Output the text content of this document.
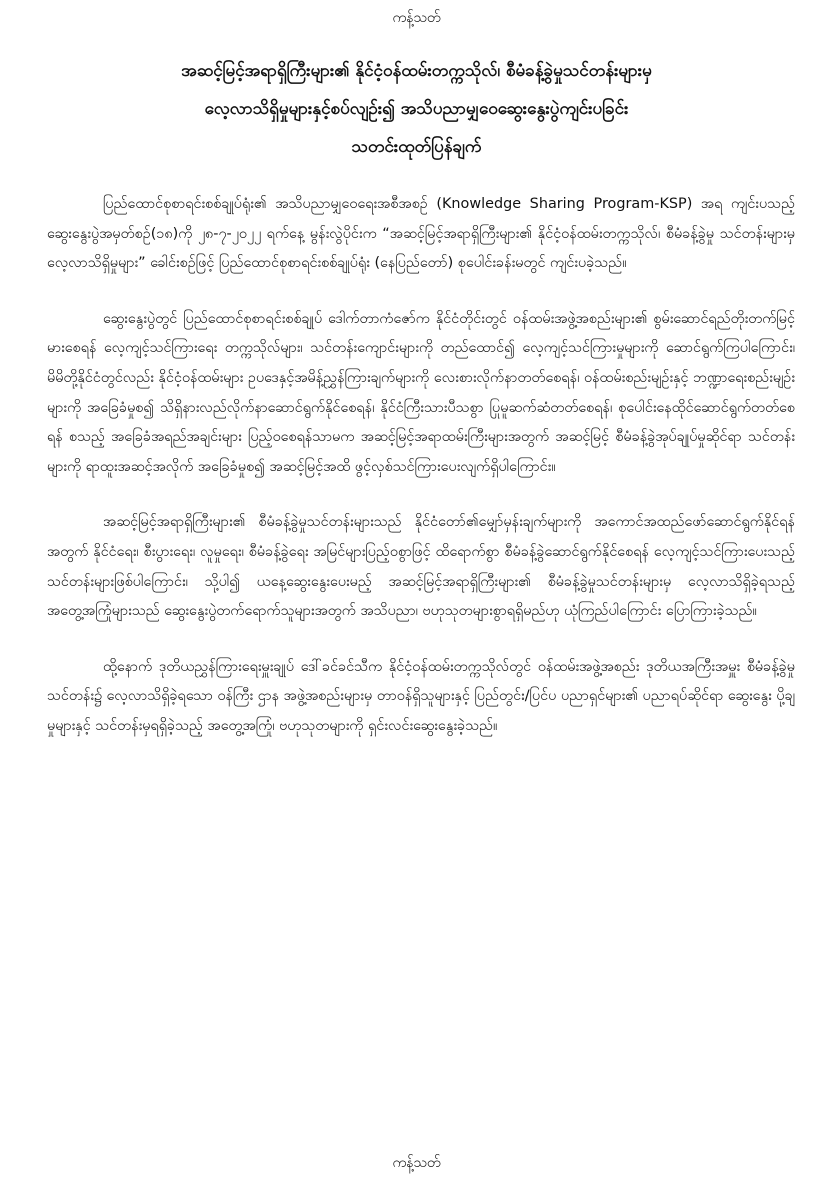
ကန့်သတ်
အဆင့်မြင့်အရာရှိကြီးများ၏ နိုင်ငံ့ဝန်ထမ်းတက္ကသိုလ်၊ စီမံခန့်ခွဲမှုသင်တန်းများမှ
လေ့လာသိရှိမှုများနှင့်စပ်လျဉ်း၍ အသိပညာမျှဝေဆွေးနွေးပွဲကျင်းပခြင်း
သတင်းထုတ်ပြန်ချက်

ပြည်ထောင်စုစာရင်းစစ်ချုပ်ရုံး၏ အသိပညာမျှဝေရေးအစီအစဉ် (Knowledge Sharing Program-KSP) အရ ကျင်းပသည့် ဆွေးနွေးပွဲအမှတ်စဉ်(၁၈)ကို ၂၈-၇-၂၀၂၂ ရက်နေ့ မွန်းလွဲပိုင်းက “အဆင့်မြင့်အရာရှိကြီးများ၏ နိုင်ငံ့ဝန်ထမ်းတက္ကသိုလ်၊ စီမံခန့်ခွဲမှု သင်တန်းများမှလေ့လာသိရှိမှုများ” ခေါင်းစဉ်ဖြင့် ပြည်ထောင်စုစာရင်းစစ်ချုပ်ရုံး (နေပြည်တော်) စုပေါင်းခန်းမတွင် ကျင်းပခဲ့သည်။

ဆွေးနွေးပွဲတွင် ပြည်ထောင်စုစာရင်းစစ်ချုပ် ဒေါက်တာကံဇော်က နိုင်ငံတိုင်းတွင် ဝန်ထမ်းအဖွဲ့အစည်းများ၏ စွမ်းဆောင်ရည်တိုးတက်မြင့်မားစေရန် လေ့ကျင့်သင်ကြားရေး တက္ကသိုလ်များ၊ သင်တန်းကျောင်းများကို တည်ထောင်၍ လေ့ကျင့်သင်ကြားမှုများကို ဆောင်ရွက်ကြပါကြောင်း၊ မိမိတို့နိုင်ငံတွင်လည်း နိုင်ငံ့ဝန်ထမ်းများ ဥပဒေနှင့်အမိန့်ညွှန်ကြားချက်များကို လေးစားလိုက်နာတတ်စေရန်၊ ဝန်ထမ်းစည်းမျဉ်းနှင့် ဘဏ္ဍာရေးစည်းမျဉ်းများကို အခြေခံမှုစ၍ သိရှိနားလည်လိုက်နာဆောင်ရွက်နိုင်စေရန်၊ နိုင်ငံကြီးသားပီသစွာ ပြုမူဆက်ဆံတတ်စေရန်၊ စုပေါင်းနေထိုင်ဆောင်ရွက်တတ်စေရန် စသည့် အခြေခံအရည်အချင်းများ ပြည့်ဝစေရန်သာမက အဆင့်မြင့်အရာထမ်းကြီးများအတွက် အဆင့်မြင့် စီမံခန့်ခွဲအုပ်ချုပ်မှုဆိုင်ရာ သင်တန်းများကို ရာထူးအဆင့်အလိုက် အခြေခံမှုစ၍ အဆင့်မြင့်အထိ ဖွင့်လှစ်သင်ကြားပေးလျက်ရှိပါကြောင်း။

အဆင့်မြင့်အရာရှိကြီးများ၏ စီမံခန့်ခွဲမှုသင်တန်းများသည် နိုင်ငံတော်၏မျှော်မှန်းချက်များကို အကောင်အထည်ဖော်ဆောင်ရွက်နိုင်ရန်အတွက် နိုင်ငံရေး၊ စီးပွားရေး၊ လူမှုရေး၊ စီမံခန့်ခွဲရေး အမြင်များပြည့်ဝစွာဖြင့် ထိရောက်စွာ စီမံခန့်ခွဲဆောင်ရွက်နိုင်စေရန် လေ့ကျင့်သင်ကြားပေးသည့် သင်တန်းများဖြစ်ပါကြောင်း၊ သို့ပါ၍ ယနေ့ဆွေးနွေးပေးမည့် အဆင့်မြင့်အရာရှိကြီးများ၏ စီမံခန့်ခွဲမှုသင်တန်းများမှ လေ့လာသိရှိခဲ့ရသည့် အတွေ့အကြုံများသည် ဆွေးနွေးပွဲတက်ရောက်သူများအတွက် အသိပညာ၊ ဗဟုသုတများစွာရရှိမည်ဟု ယုံကြည်ပါကြောင်း ပြောကြားခဲ့သည်။

ထို့နောက် ဒုတိယညွှန်ကြားရေးမှူးချုပ် ဒေါ်ခင်ခင်သီက နိုင်ငံ့ဝန်ထမ်းတက္ကသိုလ်တွင် ဝန်ထမ်းအဖွဲ့အစည်း ဒုတိယအကြီးအမှူး စီမံခန့်ခွဲမှုသင်တန်း၌ လေ့လာသိရှိခဲ့ရသော ဝန်ကြီး ဌာန အဖွဲ့အစည်းများမှ တာဝန်ရှိသူများနှင့် ပြည်တွင်း/ပြင်ပ ပညာရှင်များ၏ ပညာရပ်ဆိုင်ရာ ဆွေးနွေး ပို့ချမှုများနှင့် သင်တန်းမှရရှိခဲ့သည့် အတွေ့အကြုံ၊ ဗဟုသုတများကို ရှင်းလင်းဆွေးနွေးခဲ့သည်။

ကန့်သတ်
